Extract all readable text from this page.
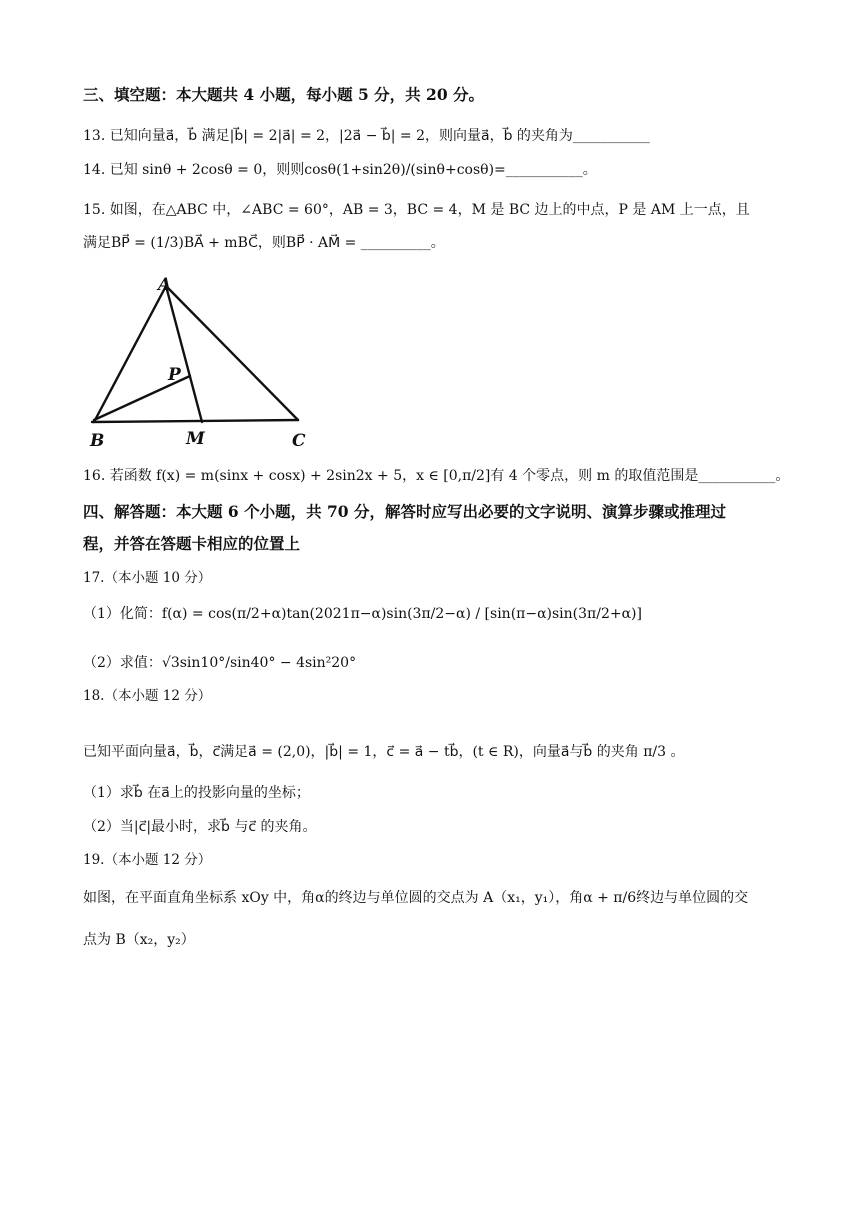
三、填空题：本大题共 4 小题，每小题 5 分，共 20 分。
13. 已知向量a⃗，b⃗ 满足|b⃗| = 2|a⃗| = 2，|2a⃗ − b⃗| = 2，则向量a⃗，b⃗ 的夹角为___________
14. 已知 sinθ + 2cosθ = 0，则则cosθ(1+sin2θ)/(sinθ+cosθ)=___________。
15. 如图，在△ABC 中，∠ABC = 60°，AB = 3，BC = 4，M 是 BC 边上的中点，P 是 AM 上一点，且
满足BP⃗ = (1/3)BA⃗ + mBC⃗，则BP⃗ · AM⃗ = __________。
A
P
B	M	C
16. 若函数 f(x) = m(sinx + cosx) + 2sin2x + 5，x ∈ [0,π/2]有 4 个零点，则 m 的取值范围是___________。
四、解答题：本大题 6 个小题，共 70 分，解答时应写出必要的文字说明、演算步骤或推理过
程，并答在答题卡相应的位置上
17.（本小题 10 分）
（1）化简：f(α) = cos(π/2+α)tan(2021π−α)sin(3π/2−α) / [sin(π−α)sin(3π/2+α)]
（2）求值：√3sin10°/sin40° − 4sin²20°
18.（本小题 12 分）
已知平面向量a⃗，b⃗，c⃗满足a⃗ = (2,0)，|b⃗| = 1，c⃗ = a⃗ − tb⃗，(t ∈ R)，向量a⃗与b⃗ 的夹角 π/3 。
（1）求b⃗ 在a⃗上的投影向量的坐标；
（2）当|c⃗|最小时，求b⃗ 与c⃗ 的夹角。
19.（本小题 12 分）
如图，在平面直角坐标系 xOy 中，角α的终边与单位圆的交点为 A（x₁，y₁），角α + π/6终边与单位圆的交
点为 B（x₂，y₂）
